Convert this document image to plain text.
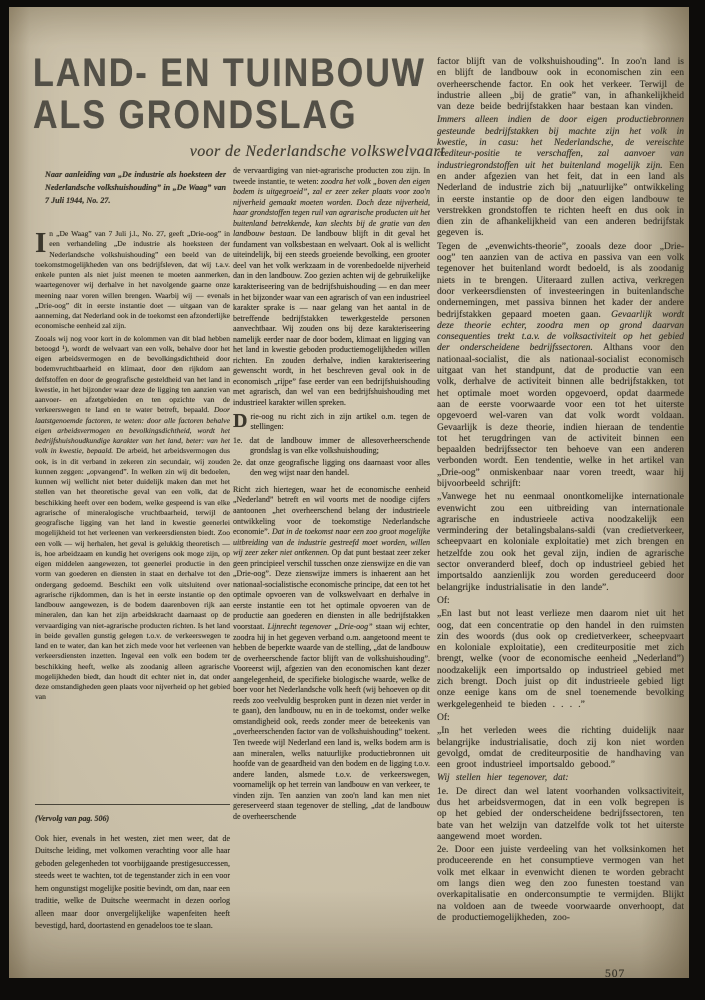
LAND- EN TUINBOUW
ALS GRONDSLAG
voor de Nederlandsche volkswelvaart

Naar aanleiding van „De industrie als hoeksteen der Nederlandsche volkshuishouding” in „De Waag” van 7 Juli 1944, No. 27.

In „De Waag” van 7 Juli j.l., No. 27, geeft „Drie-oog” in een verhandeling „De industrie als hoeksteen der Nederlandsche volkshuishouding” een beeld van de toekomstmogelijkheden van ons bedrijfsleven, dat wij t.a.v. enkele punten als niet juist meenen te moeten aanmerken, waartegenover wij derhalve in het navolgende gaarne onze meening naar voren willen brengen. Waarbij wij — evenals „Drie-oog” dit in eerste instantie doet — uitgaan van de aanneming, dat Nederland ook in de toekomst een afzonderlijke economische eenheid zal zijn.

Zooals wij nog voor kort in de kolommen van dit blad hebben betoogd ¹), wordt de welvaart van een volk, behalve door het eigen arbeidsvermogen en de bevolkingsdichtheid door bodemvruchtbaarheid en klimaat, door den rijkdom aan delfstoffen en door de geografische gesteldheid van het land in kwestie, in het bijzonder waar deze de ligging ten aanzien van aanvoer- en afzetgebieden en ten opzichte van de verkeerswegen te land en te water betreft, bepaald. Door laatstgenoemde factoren, te weten: door alle factoren behalve eigen arbeidsvermogen en bevolkingsdichtheid, wordt het bedrijfshuishoudkundige karakter van het land, beter: van het volk in kwestie, bepaald. De arbeid, het arbeidsvermogen dus ook, is in dit verband in zekeren zin secundair, wij zouden kunnen zeggen: „opvangend”. In welken zin wij dit bedoelen, kunnen wij wellicht niet beter duidelijk maken dan met het stellen van het theoretische geval van een volk, dat de beschikking heeft over een bodem, welke gespeend is van elke agrarische of mineralogische vruchtbaarheid, terwijl de geografische ligging van het land in kwestie geenerlei mogelijkheid tot het verleenen van verkeersdiensten biedt. Zoo een volk — wij herhalen, het geval is gelukkig theoretisch — is, hoe arbeidzaam en kundig het overigens ook moge zijn, op eigen middelen aangewezen, tot geenerlei productie in den vorm van goederen en diensten in staat en derhalve tot den ondergang gedoemd. Beschikt een volk uitsluitend over agrarische rijkdommen, dan is het in eerste instantie op den landbouw aangewezen, is de bodem daarenboven rijk aan mineralen, dan kan het zijn arbeidskracht daarnaast op de vervaardiging van niet-agrarische producten richten. Is het land in beide gevallen gunstig gelegen t.o.v. de verkeerswegen te land en te water, dan kan het zich mede voor het verleenen van verkeersdiensten inzetten. Ingeval een volk een bodem ter beschikking heeft, welke als zoodanig alleen agrarische mogelijkheden biedt, dan houdt dit echter niet in, dat onder deze omstandigheden geen plaats voor nijverheid op het gebied van

(Vervolg van pag. 506)

Ook hier, evenals in het westen, ziet men weer, dat de Duitsche leiding, met volkomen verachting voor alle haar geboden gelegenheden tot voorbijgaande prestigesuccessen, steeds weet te wachten, tot de tegenstander zich in een voor hem ongunstigst mogelijke positie bevindt, om dan, naar een traditie, welke de Duitsche weermacht in dezen oorlog alleen maar door onvergelijkelijke wapenfeiten heeft bevestigd, hard, doortastend en genadeloos toe te slaan.

de vervaardiging van niet-agrarische producten zou zijn. In tweede instantie, te weten: zoodra het volk „boven den eigen bodem is uitgegroeid”, zal er zeer zeker plaats voor zoo'n nijverheid gemaakt moeten worden. Doch deze nijverheid, haar grondstoffen tegen ruil van agrarische producten uit het buitenland betrekkende, kan slechts bij de gratie van den landbouw bestaan. De landbouw blijft in dit geval het fundament van volksbestaan en welvaart. Ook al is wellicht uiteindelijk, bij een steeds groeiende bevolking, een grooter deel van het volk werkzaam in de vorenbedoelde nijverheid dan in den landbouw. Zoo gezien achten wij de gebruikelijke karakteriseering van de bedrijfshuishouding — en dan meer in het bijzonder waar van een agrarisch of van een industrieel karakter sprake is — naar gelang van het aantal in de betreffende bedrijfstakken tewerkgestelde personen aanvechtbaar. Wij zouden ons bij deze karakteriseering namelijk eerder naar de door bodem, klimaat en ligging van het land in kwestie geboden productiemogelijkheden willen richten. En zouden derhalve, indien karakteriseering gewenscht wordt, in het beschreven geval ook in de economisch „rijpe” fase eerder van een bedrijfshuishouding met agrarisch, dan wel van een bedrijfshuishouding met industrieel karakter willen spreken.

Drie-oog nu richt zich in zijn artikel o.m. tegen de stellingen:

1e. dat de landbouw immer de allesoverheerschende grondslag is van elke volkshuishouding;

2e. dat onze geografische ligging ons daarnaast voor alles den weg wijst naar den handel.

Richt zich hiertegen, waar het de economische eenheid „Nederland” betreft en wil voorts met de noodige cijfers aantoonen „het overheerschend belang der industrieele ontwikkeling voor de toekomstige Nederlandsche economie”. Dat in de toekomst naar een zoo groot mogelijke uitbreiding van de industrie gestreefd moet worden, willen wij zeer zeker niet ontkennen. Op dat punt bestaat zeer zeker geen principieel verschil tusschen onze zienswijze en die van „Drie-oog”. Deze zienswijze immers is inhaerent aan het nationaal-socialistische economische principe, dat een tot het optimale opvoeren van de volkswelvaart en derhalve in eerste instantie een tot het optimale opvoeren van de productie aan goederen en diensten in alle bedrijfstakken voorstaat. Lijnrecht tegenover „Drie-oog” staan wij echter, zoodra hij in het gegeven verband o.m. aangetoond meent te hebben de beperkte waarde van de stelling, „dat de landbouw de overheerschende factor blijft van de volkshuishouding”. Vooreerst wijl, afgezien van den economischen kant dezer aangelegenheid, de specifieke biologische waarde, welke de boer voor het Nederlandsche volk heeft (wij behoeven op dit reeds zoo veelvuldig besproken punt in dezen niet verder in te gaan), den landbouw, nu en in de toekomst, onder welke omstandigheid ook, reeds zonder meer de beteekenis van „overheerschenden factor van de volkshuishouding” toekent. Ten tweede wijl Nederland een land is, welks bodem arm is aan mineralen, welks natuurlijke productiebronnen uit hoofde van de geaardheid van den bodem en de ligging t.o.v. andere landen, alsmede t.o.v. de verkeerswegen, voornamelijk op het terrein van landbouw en van verkeer, te vinden zijn. Ten aanzien van zoo'n land kan men niet gereserveerd staan tegenover de stelling, „dat de landbouw de overheerschende

factor blijft van de volkshuishouding”. In zoo'n land is en blijft de landbouw ook in economischen zin een overheerschende factor. En ook het verkeer. Terwijl de industrie alleen „bij de gratie” van, in afhankelijkheid van deze beide bedrijfstakken haar bestaan kan vinden.

Immers alleen indien de door eigen productiebronnen gesteunde bedrijfstakken bij machte zijn het volk in kwestie, in casu: het Nederlandsche, de vereischte crediteur-positie te verschaffen, zal aanvoer van industriegrondstoffen uit het buitenland mogelijk zijn. Een en ander afgezien van het feit, dat in een land als Nederland de industrie zich bij „natuurlijke” ontwikkeling in eerste instantie op de door den eigen landbouw te verstrekken grondstoffen te richten heeft en dus ook in dien zin de afhankelijkheid van een anderen bedrijfstak gegeven is.

Tegen de „evenwichts-theorie”, zooals deze door „Drie-oog” ten aanzien van de activa en passiva van een volk tegenover het buitenland wordt bedoeld, is als zoodanig niets in te brengen. Uiteraard zullen activa, verkregen door verkeersdiensten of investeeringen in buitenlandsche ondernemingen, met passiva binnen het kader der andere bedrijfstakken gepaard moeten gaan. Gevaarlijk wordt deze theorie echter, zoodra men op grond daarvan consequenties trekt t.a.v. de volksactiviteit op het gebied der onderscheidene bedrijfssectoren. Althans voor den nationaal-socialist, die als nationaal-socialist economisch uitgaat van het standpunt, dat de productie van een volk, derhalve de activiteit binnen alle bedrijfstakken, tot het optimale moet worden opgevoerd, opdat daarmede aan de eerste voorwaarde voor een tot het uiterste opgevoerd wel-varen van dat volk wordt voldaan. Gevaarlijk is deze theorie, indien hieraan de tendentie tot het terugdringen van de activiteit binnen een bepaalden bedrijfssector ten behoeve van een anderen verbonden wordt. Een tendentie, welke in het artikel van „Drie-oog” onmiskenbaar naar voren treedt, waar hij bijvoorbeeld schrijft:

„Vanwege het nu eenmaal onontkomelijke internationale evenwicht zou een uitbreiding van internationale agrarische en industrieele activa noodzakelijk een vermindering der betalingsbalans-saldi (van credietverkeer, scheepvaart en koloniale exploitatie) met zich brengen en hetzelfde zou ook het geval zijn, indien de agrarische sector onveranderd bleef, doch op industrieel gebied het importsaldo aanzienlijk zou worden gereduceerd door belangrijke industrialisatie in den lande”.

Of:

„En last but not least verlieze men daarom niet uit het oog, dat een concentratie op den handel in den ruimsten zin des woords (dus ook op credietverkeer, scheepvaart en koloniale exploitatie), een crediteurpositie met zich brengt, welke (voor de economische eenheid „Nederland”) noodzakelijk een importsaldo op industrieel gebied met zich brengt. Doch juist op dit industrieele gebied ligt onze eenige kans om de snel toenemende bevolking werkgelegenheid te bieden . . . .”

Of:

„In het verleden wees die richting duidelijk naar belangrijke industrialisatie, doch zij kon niet worden gevolgd, omdat de crediteurpositie de handhaving van een groot industrieel importsaldo gebood.”

Wij stellen hier tegenover, dat:

1e. De direct dan wel latent voorhanden volksactiviteit, dus het arbeidsvermogen, dat in een volk begrepen is op het gebied der onderscheidene bedrijfssectoren, ten bate van het welzijn van datzelfde volk tot het uiterste aangewend moet worden.

2e. Door een juiste verdeeling van het volksinkomen het produceerende en het consumptieve vermogen van het volk met elkaar in evenwicht dienen te worden gebracht om langs dien weg den zoo funesten toestand van overkapitalisatie en onderconsumptie te vermijden. Blijkt na voldoen aan de tweede voorwaarde onverhoopt, dat de productiemogelijkheden, zoo-

507
